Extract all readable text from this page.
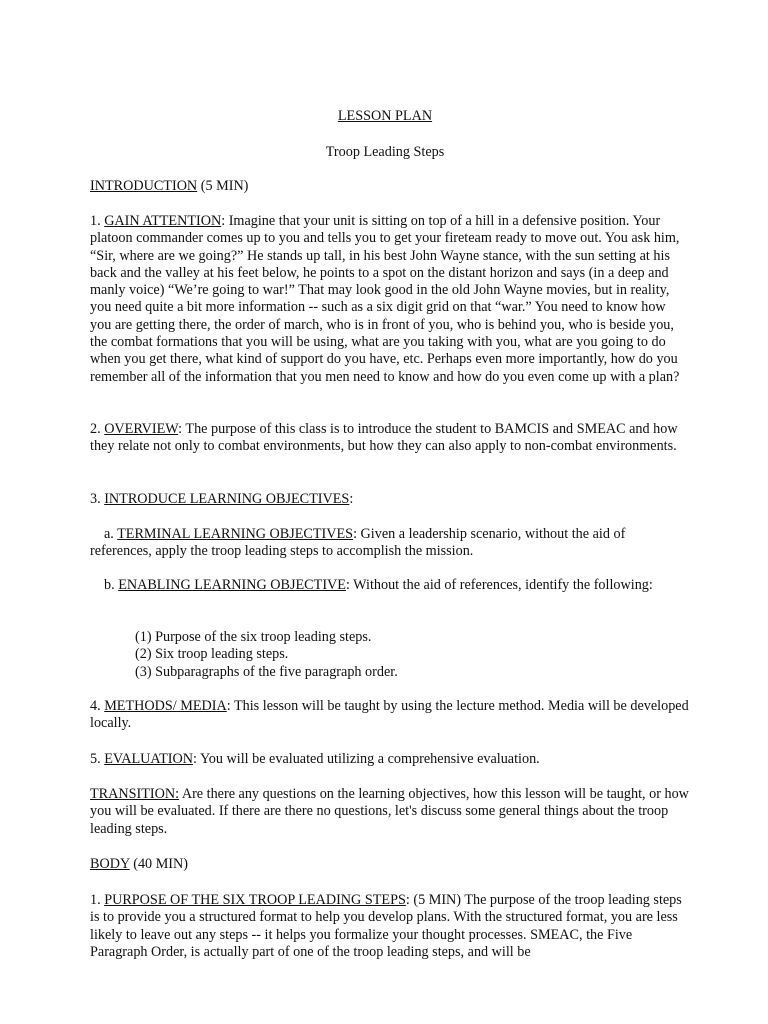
LESSON PLAN

Troop Leading Steps

INTRODUCTION (5 MIN)

1. GAIN ATTENTION: Imagine that your unit is sitting on top of a hill in a defensive position. Your platoon commander comes up to you and tells you to get your fireteam ready to move out. You ask him, “Sir, where are we going?” He stands up tall, in his best John Wayne stance, with the sun setting at his back and the valley at his feet below, he points to a spot on the distant horizon and says (in a deep and manly voice) “We’re going to war!” That may look good in the old John Wayne movies, but in reality, you need quite a bit more information -- such as a six digit grid on that “war.” You need to know how you are getting there, the order of march, who is in front of you, who is behind you, who is beside you, the combat formations that you will be using, what are you taking with you, what are you going to do when you get there, what kind of support do you have, etc. Perhaps even more importantly, how do you remember all of the information that you men need to know and how do you even come up with a plan?

2. OVERVIEW: The purpose of this class is to introduce the student to BAMCIS and SMEAC and how they relate not only to combat environments, but how they can also apply to non-combat environments.

3. INTRODUCE LEARNING OBJECTIVES:

a. TERMINAL LEARNING OBJECTIVES: Given a leadership scenario, without the aid of references, apply the troop leading steps to accomplish the mission.

b. ENABLING LEARNING OBJECTIVE: Without the aid of references, identify the following:

(1) Purpose of the six troop leading steps.
(2) Six troop leading steps.
(3) Subparagraphs of the five paragraph order.

4. METHODS/ MEDIA: This lesson will be taught by using the lecture method. Media will be developed locally.

5. EVALUATION: You will be evaluated utilizing a comprehensive evaluation.

TRANSITION: Are there any questions on the learning objectives, how this lesson will be taught, or how you will be evaluated. If there are there no questions, let's discuss some general things about the troop leading steps.

BODY (40 MIN)

1. PURPOSE OF THE SIX TROOP LEADING STEPS: (5 MIN) The purpose of the troop leading steps is to provide you a structured format to help you develop plans. With the structured format, you are less likely to leave out any steps -- it helps you formalize your thought processes. SMEAC, the Five Paragraph Order, is actually part of one of the troop leading steps, and will be
